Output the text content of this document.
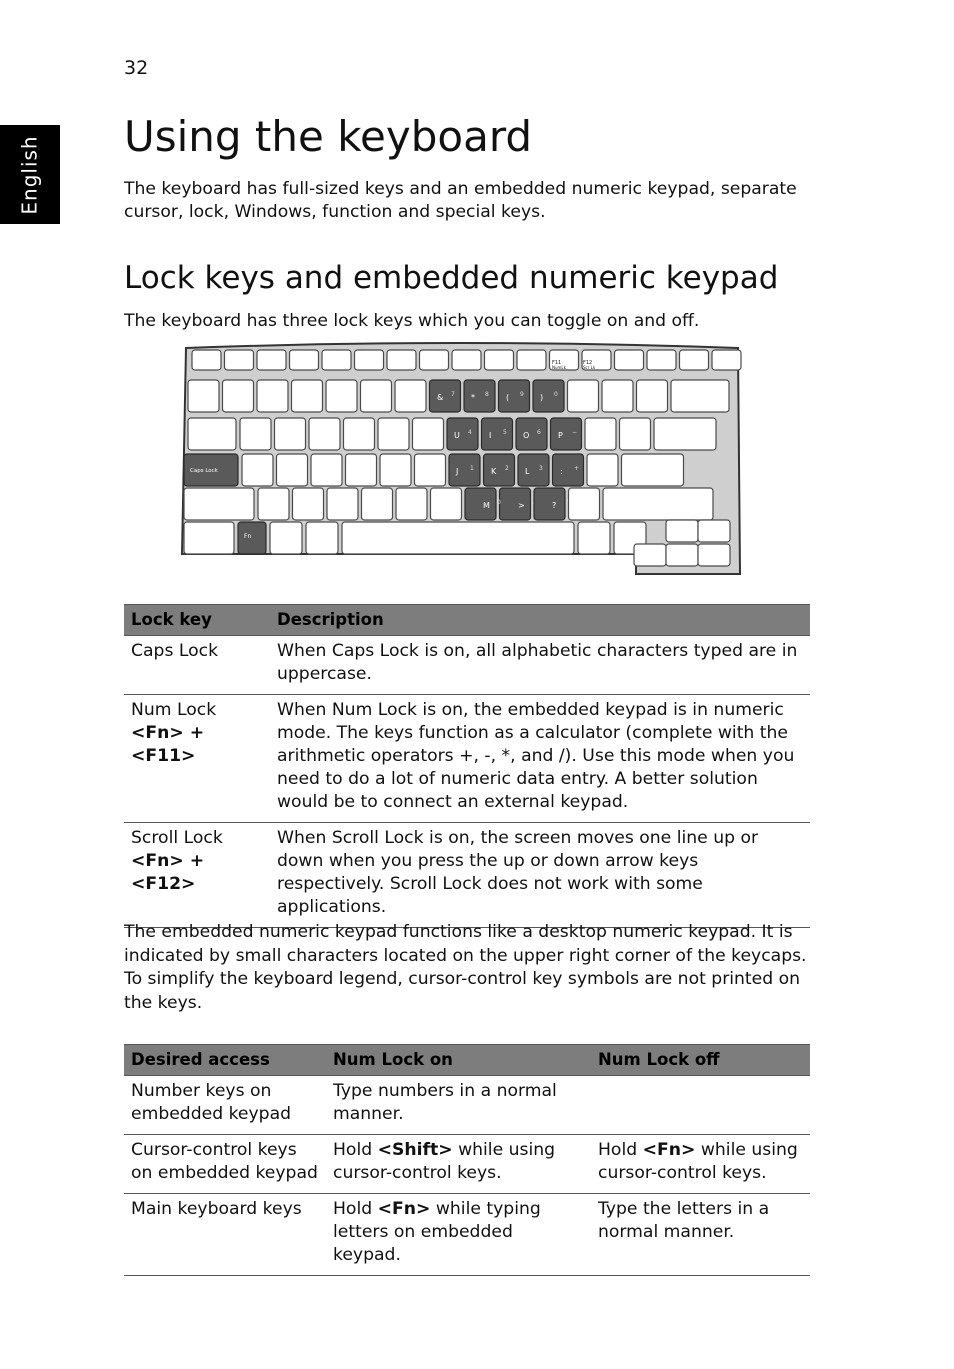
32
English Using the keyboard

The keyboard has full-sized keys and an embedded numeric keypad, separate cursor, lock, Windows, function and special keys.

Lock keys and embedded numeric keypad

The keyboard has three lock keys which you can toggle on and off.

F11	F12
NumLk	Scr Lk
Caps Lock
Fn
& 7 * 8 ( 9 ) 0
U 4 I 5 O 6 P −
J 1 K 2 L 3 : +
M 0 > . ? /
Lock key	Description

Caps Lock	When Caps Lock is on, all alphabetic characters typed are in uppercase.

Num Lock
<Fn> + <F11>	When Num Lock is on, the embedded keypad is in numeric mode. The keys function as a calculator (complete with the arithmetic operators +, -, *, and /). Use this mode when you need to do a lot of numeric data entry. A better solution would be to connect an external keypad.

Scroll Lock
<Fn> + <F12>	When Scroll Lock is on, the screen moves one line up or down when you press the up or down arrow keys respectively. Scroll Lock does not work with some applications.

The embedded numeric keypad functions like a desktop numeric keypad. It is indicated by small characters located on the upper right corner of the keycaps. To simplify the keyboard legend, cursor-control key symbols are not printed on the keys.

Desired access	Num Lock on	Num Lock off
Number keys on embedded keypad	Type numbers in a normal manner.	
Cursor-control keys on embedded keypad	Hold <Shift> while using cursor-control keys.	Hold <Fn> while using cursor-control keys.
Main keyboard keys	Hold <Fn> while typing letters on embedded keypad.	Type the letters in a normal manner.
